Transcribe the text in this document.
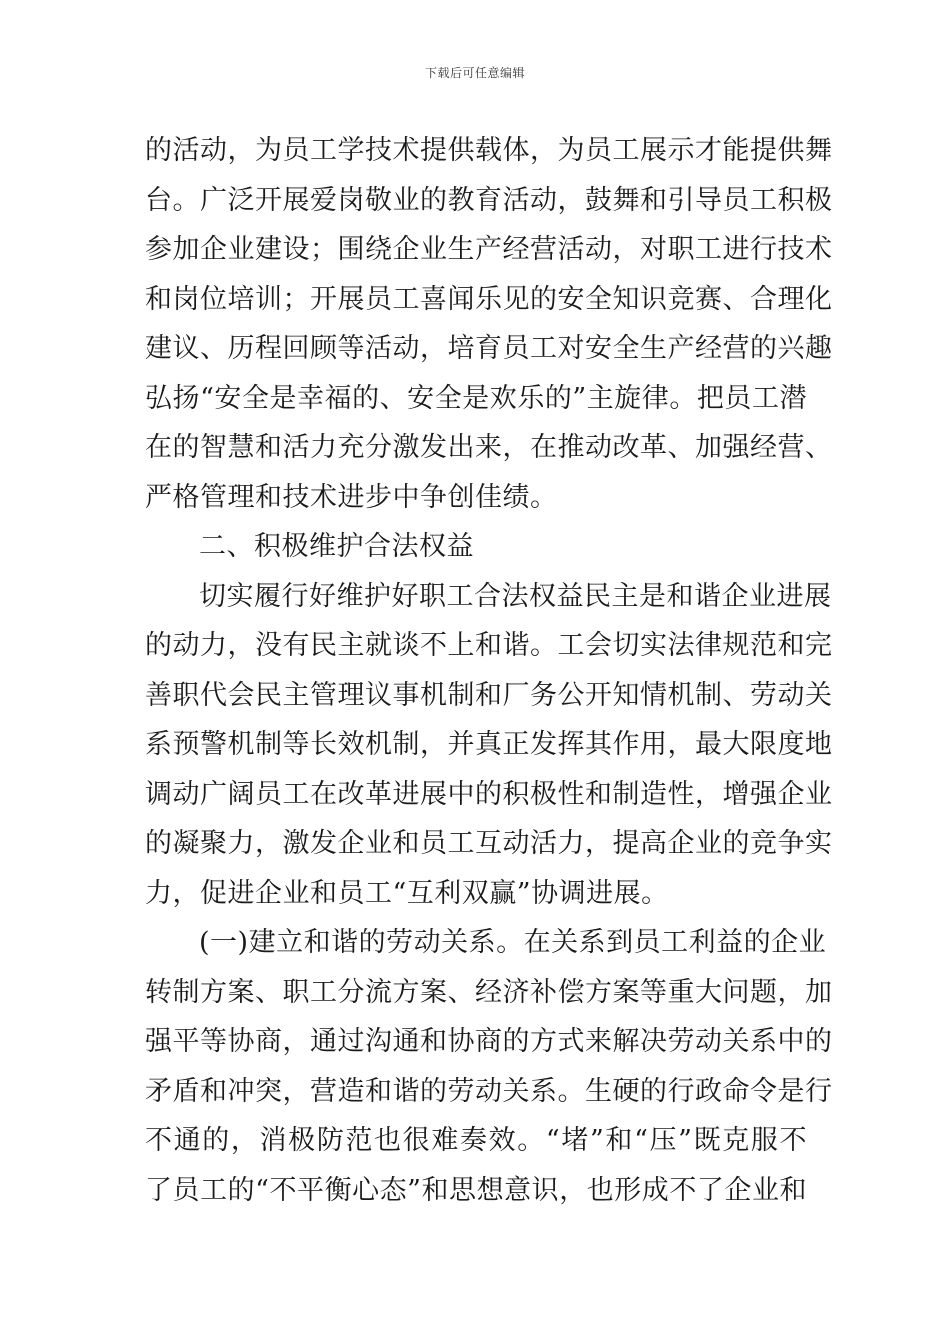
下载后可任意编辑
的活动，为员工学技术提供载体，为员工展示才能提供舞
台。广泛开展爱岗敬业的教育活动，鼓舞和引导员工积极
参加企业建设；围绕企业生产经营活动，对职工进行技术
和岗位培训；开展员工喜闻乐见的安全知识竞赛、合理化
建议、历程回顾等活动，培育员工对安全生产经营的兴趣
弘扬“安全是幸福的、安全是欢乐的”主旋律。把员工潜
在的智慧和活力充分激发出来，在推动改革、加强经营、
严格管理和技术进步中争创佳绩。
二、积极维护合法权益
切实履行好维护好职工合法权益民主是和谐企业进展
的动力，没有民主就谈不上和谐。工会切实法律规范和完
善职代会民主管理议事机制和厂务公开知情机制、劳动关
系预警机制等长效机制，并真正发挥其作用，最大限度地
调动广阔员工在改革进展中的积极性和制造性，增强企业
的凝聚力，激发企业和员工互动活力，提高企业的竞争实
力，促进企业和员工“互利双赢”协调进展。
(一)建立和谐的劳动关系。在关系到员工利益的企业
转制方案、职工分流方案、经济补偿方案等重大问题，加
强平等协商，通过沟通和协商的方式来解决劳动关系中的
矛盾和冲突，营造和谐的劳动关系。生硬的行政命令是行
不通的，消极防范也很难奏效。“堵”和“压”既克服不
了员工的“不平衡心态”和思想意识，也形成不了企业和
